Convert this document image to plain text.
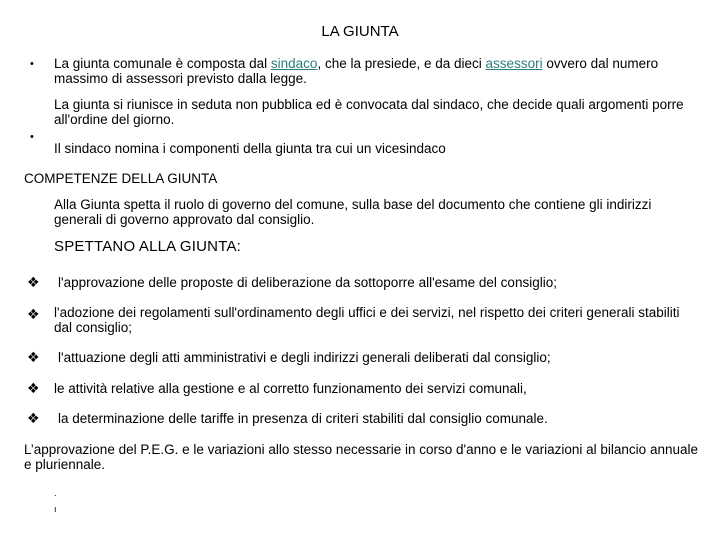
LA GIUNTA
• La giunta comunale è composta dal sindaco, che la presiede, e da dieci assessori ovvero dal numero massimo di assessori previsto dalla legge.
La giunta si riunisce in seduta non pubblica ed è convocata dal sindaco, che decide quali argomenti porre all'ordine del giorno.
•
Il sindaco nomina i componenti della giunta tra cui un vicesindaco
COMPETENZE DELLA GIUNTA
Alla Giunta spetta il ruolo di governo del comune, sulla base del documento che contiene gli indirizzi generali di governo approvato dal consiglio.
SPETTANO ALLA GIUNTA:
❖ l'approvazione delle proposte di deliberazione da sottoporre all'esame del consiglio;
❖ l'adozione dei regolamenti sull'ordinamento degli uffici e dei servizi, nel rispetto dei criteri generali stabiliti dal consiglio;
❖ l'attuazione degli atti amministrativi e degli indirizzi generali deliberati dal consiglio;
❖ le attività relative alla gestione e al corretto funzionamento dei servizi comunali,
❖ la determinazione delle tariffe in presenza di criteri stabiliti dal consiglio comunale.
L’approvazione del P.E.G. e le variazioni allo stesso necessarie in corso d'anno e le variazioni al bilancio annuale e pluriennale.
.
ı
